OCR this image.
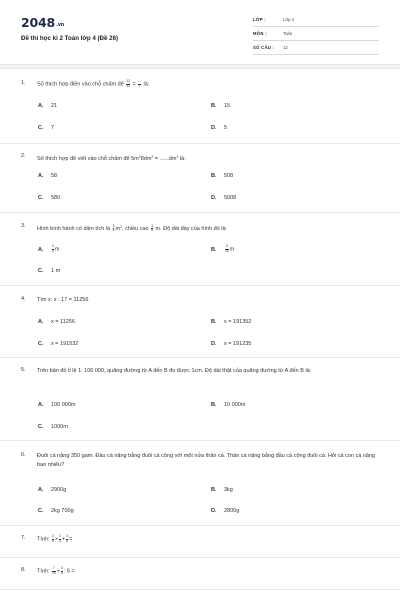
2048.vn
Đề thi học kì 2 Toán lớp 4 (Đề 26)
LỚP :	Lớp 4
MÔN :	Toán
SỐ CÂU : 12
1. Số thích hợp điền vào chỗ chấm để $\frac{12}{21} = \frac{...}{7}$ là:
A. 21	B. 15
C. 7	D. 5
2. Số thích hợp để viết vào chỗ chấm để $5m^28dm^2 = ......dm^2$ là:
A. 58	B. 508
C. 580	D. 5008
3. Hình bình hành có diện tích là $\frac{3}{8} m^2$, chiều cao $\frac{3}{8} m$. Độ dài đáy của hình đó là:
A.	$\frac{3}{8}$ m	B.	$\frac{3}{16}$ m
C. 1 m
4. Tìm x: x : 17 = 11256
A. x = 11256	B. x = 191352
C. x = 191532	D. x = 191235
5. Trên bản đồ tỉ lệ 1: 100 000, quãng đường từ A đến B đo được 1cm. Độ dài thật của quãng đường từ A đến B là:
A. 100 000m	B. 10 000m
C. 1000m
6. Đuôi cá nặng 350 gam. Đầu cá nặng bằng đuôi cá cộng với một nửa thân cá. Thân cá nặng bằng đầu cá cộng đuôi cá. Hỏi cả con cá nặng bao nhiêu?
A. 2900g	B. 3kg
C. 2kg 700g	D. 2800g
7. Tính: $\frac{3}{5} \times \frac{2}{3} + \frac{3}{5}$ =
8. Tính: $\frac{7}{10} + \frac{3}{5}$ : 5 =
